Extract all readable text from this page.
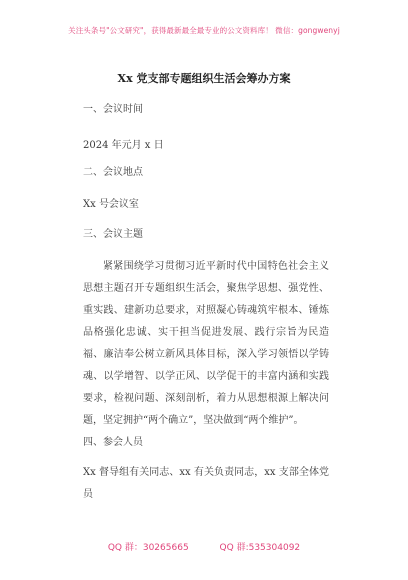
关注头条号"公文研究"，获得最新最全最专业的公文资料库！ 微信：gongwenyj
Xx 党支部专题组织生活会筹办方案
一、会议时间
2024 年元月 x 日
二、会议地点
Xx 号会议室
三、会议主题
紧紧围绕学习贯彻习近平新时代中国特色社会主义思想主题召开专题组织生活会，聚焦学思想、强党性、重实践、建新功总要求，对照凝心铸魂筑牢根本、锤炼品格强化忠诚、实干担当促进发展、践行宗旨为民造福、廉洁奉公树立新风具体目标，深入学习领悟以学铸魂、以学增智、以学正风、以学促干的丰富内涵和实践要求，检视问题、深刻剖析，着力从思想根源上解决问题，坚定拥护“两个确立”，坚决做到“两个维护”。
四、参会人员
Xx 督导组有关同志、xx 有关负责同志，xx 支部全体党员
QQ 群：30265665	QQ 群:535304092
